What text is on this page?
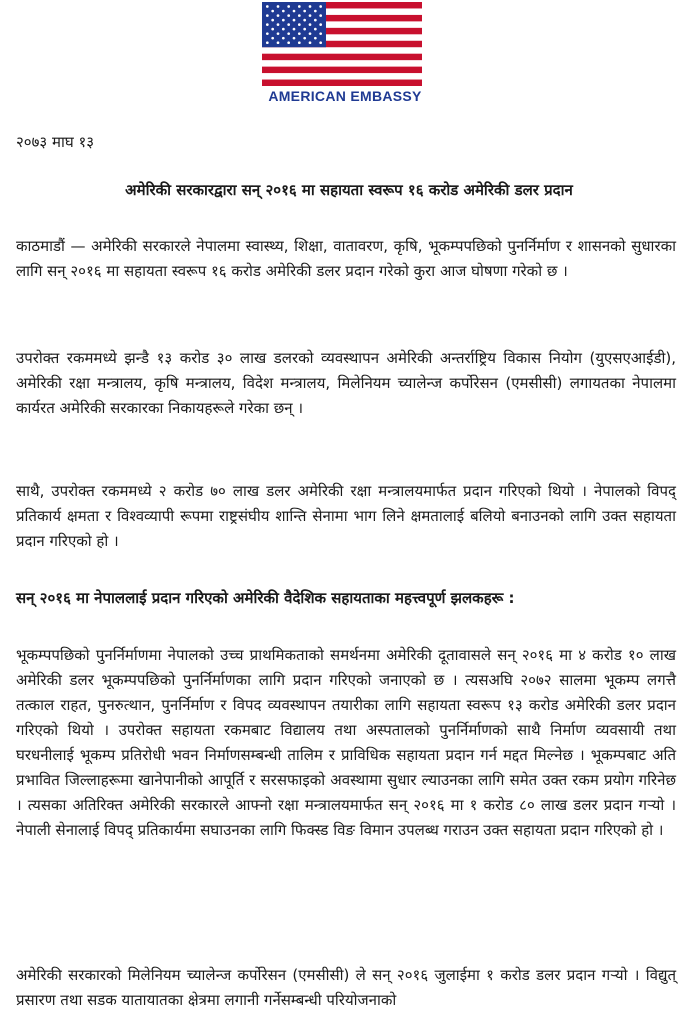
AMERICAN EMBASSY
२०७३ माघ १३
अमेरिकी सरकारद्वारा सन् २०१६ मा सहायता स्वरूप १६ करोड अमेरिकी डलर प्रदान

काठमाडौं — अमेरिकी सरकारले नेपालमा स्वास्थ्य, शिक्षा, वातावरण, कृषि, भूकम्पपछिको पुनर्निर्माण र शासनको सुधारका लागि सन् २०१६ मा सहायता स्वरूप १६ करोड अमेरिकी डलर प्रदान गरेको कुरा आज घोषणा गरेको छ ।

उपरोक्त रकममध्ये झन्डै १३ करोड ३० लाख डलरको व्यवस्थापन अमेरिकी अन्तर्राष्ट्रिय विकास नियोग (युएसएआईडी), अमेरिकी रक्षा मन्त्रालय, कृषि मन्त्रालय, विदेश मन्त्रालय, मिलेनियम च्यालेन्ज कर्पोरेसन (एमसीसी) लगायतका नेपालमा कार्यरत अमेरिकी सरकारका निकायहरूले गरेका छन् ।

साथै, उपरोक्त रकममध्ये २ करोड ७० लाख डलर अमेरिकी रक्षा मन्त्रालयमार्फत प्रदान गरिएको थियो । नेपालको विपद् प्रतिकार्य क्षमता र विश्वव्यापी रूपमा राष्ट्रसंघीय शान्ति सेनामा भाग लिने क्षमतालाई बलियो बनाउनको लागि उक्त सहायता प्रदान गरिएको हो ।

सन् २०१६ मा नेपाललाई प्रदान गरिएको अमेरिकी वैदेशिक सहायताका महत्त्वपूर्ण झलकहरू :

भूकम्पपछिको पुनर्निर्माणमा नेपालको उच्च प्राथमिकताको समर्थनमा अमेरिकी दूतावासले सन् २०१६ मा ४ करोड १० लाख अमेरिकी डलर भूकम्पपछिको पुनर्निर्माणका लागि प्रदान गरिएको जनाएको छ । त्यसअघि २०७२ सालमा भूकम्प लगत्तै तत्काल राहत, पुनरुत्थान, पुनर्निर्माण र विपद व्यवस्थापन तयारीका लागि सहायता स्वरूप १३ करोड अमेरिकी डलर प्रदान गरिएको थियो । उपरोक्त सहायता रकमबाट विद्यालय तथा अस्पतालको पुनर्निर्माणको साथै निर्माण व्यवसायी तथा घरधनीलाई भूकम्प प्रतिरोधी भवन निर्माणसम्बन्धी तालिम र प्राविधिक सहायता प्रदान गर्न मद्दत मिल्नेछ । भूकम्पबाट अति प्रभावित जिल्लाहरूमा खानेपानीको आपूर्ति र सरसफाइको अवस्थामा सुधार ल्याउनका लागि समेत उक्त रकम प्रयोग गरिनेछ । त्यसका अतिरिक्त अमेरिकी सरकारले आफ्नो रक्षा मन्त्रालयमार्फत सन् २०१६ मा १ करोड ८० लाख डलर प्रदान गऱ्यो । नेपाली सेनालाई विपद् प्रतिकार्यमा सघाउनका लागि फिक्स्ड विङ विमान उपलब्ध गराउन उक्त सहायता प्रदान गरिएको हो ।

अमेरिकी सरकारको मिलेनियम च्यालेन्ज कर्पोरेसन (एमसीसी) ले सन् २०१६ जुलाईमा १ करोड डलर प्रदान गऱ्यो । विद्युत् प्रसारण तथा सडक यातायातका क्षेत्रमा लगानी गर्नेसम्बन्धी परियोजनाको
